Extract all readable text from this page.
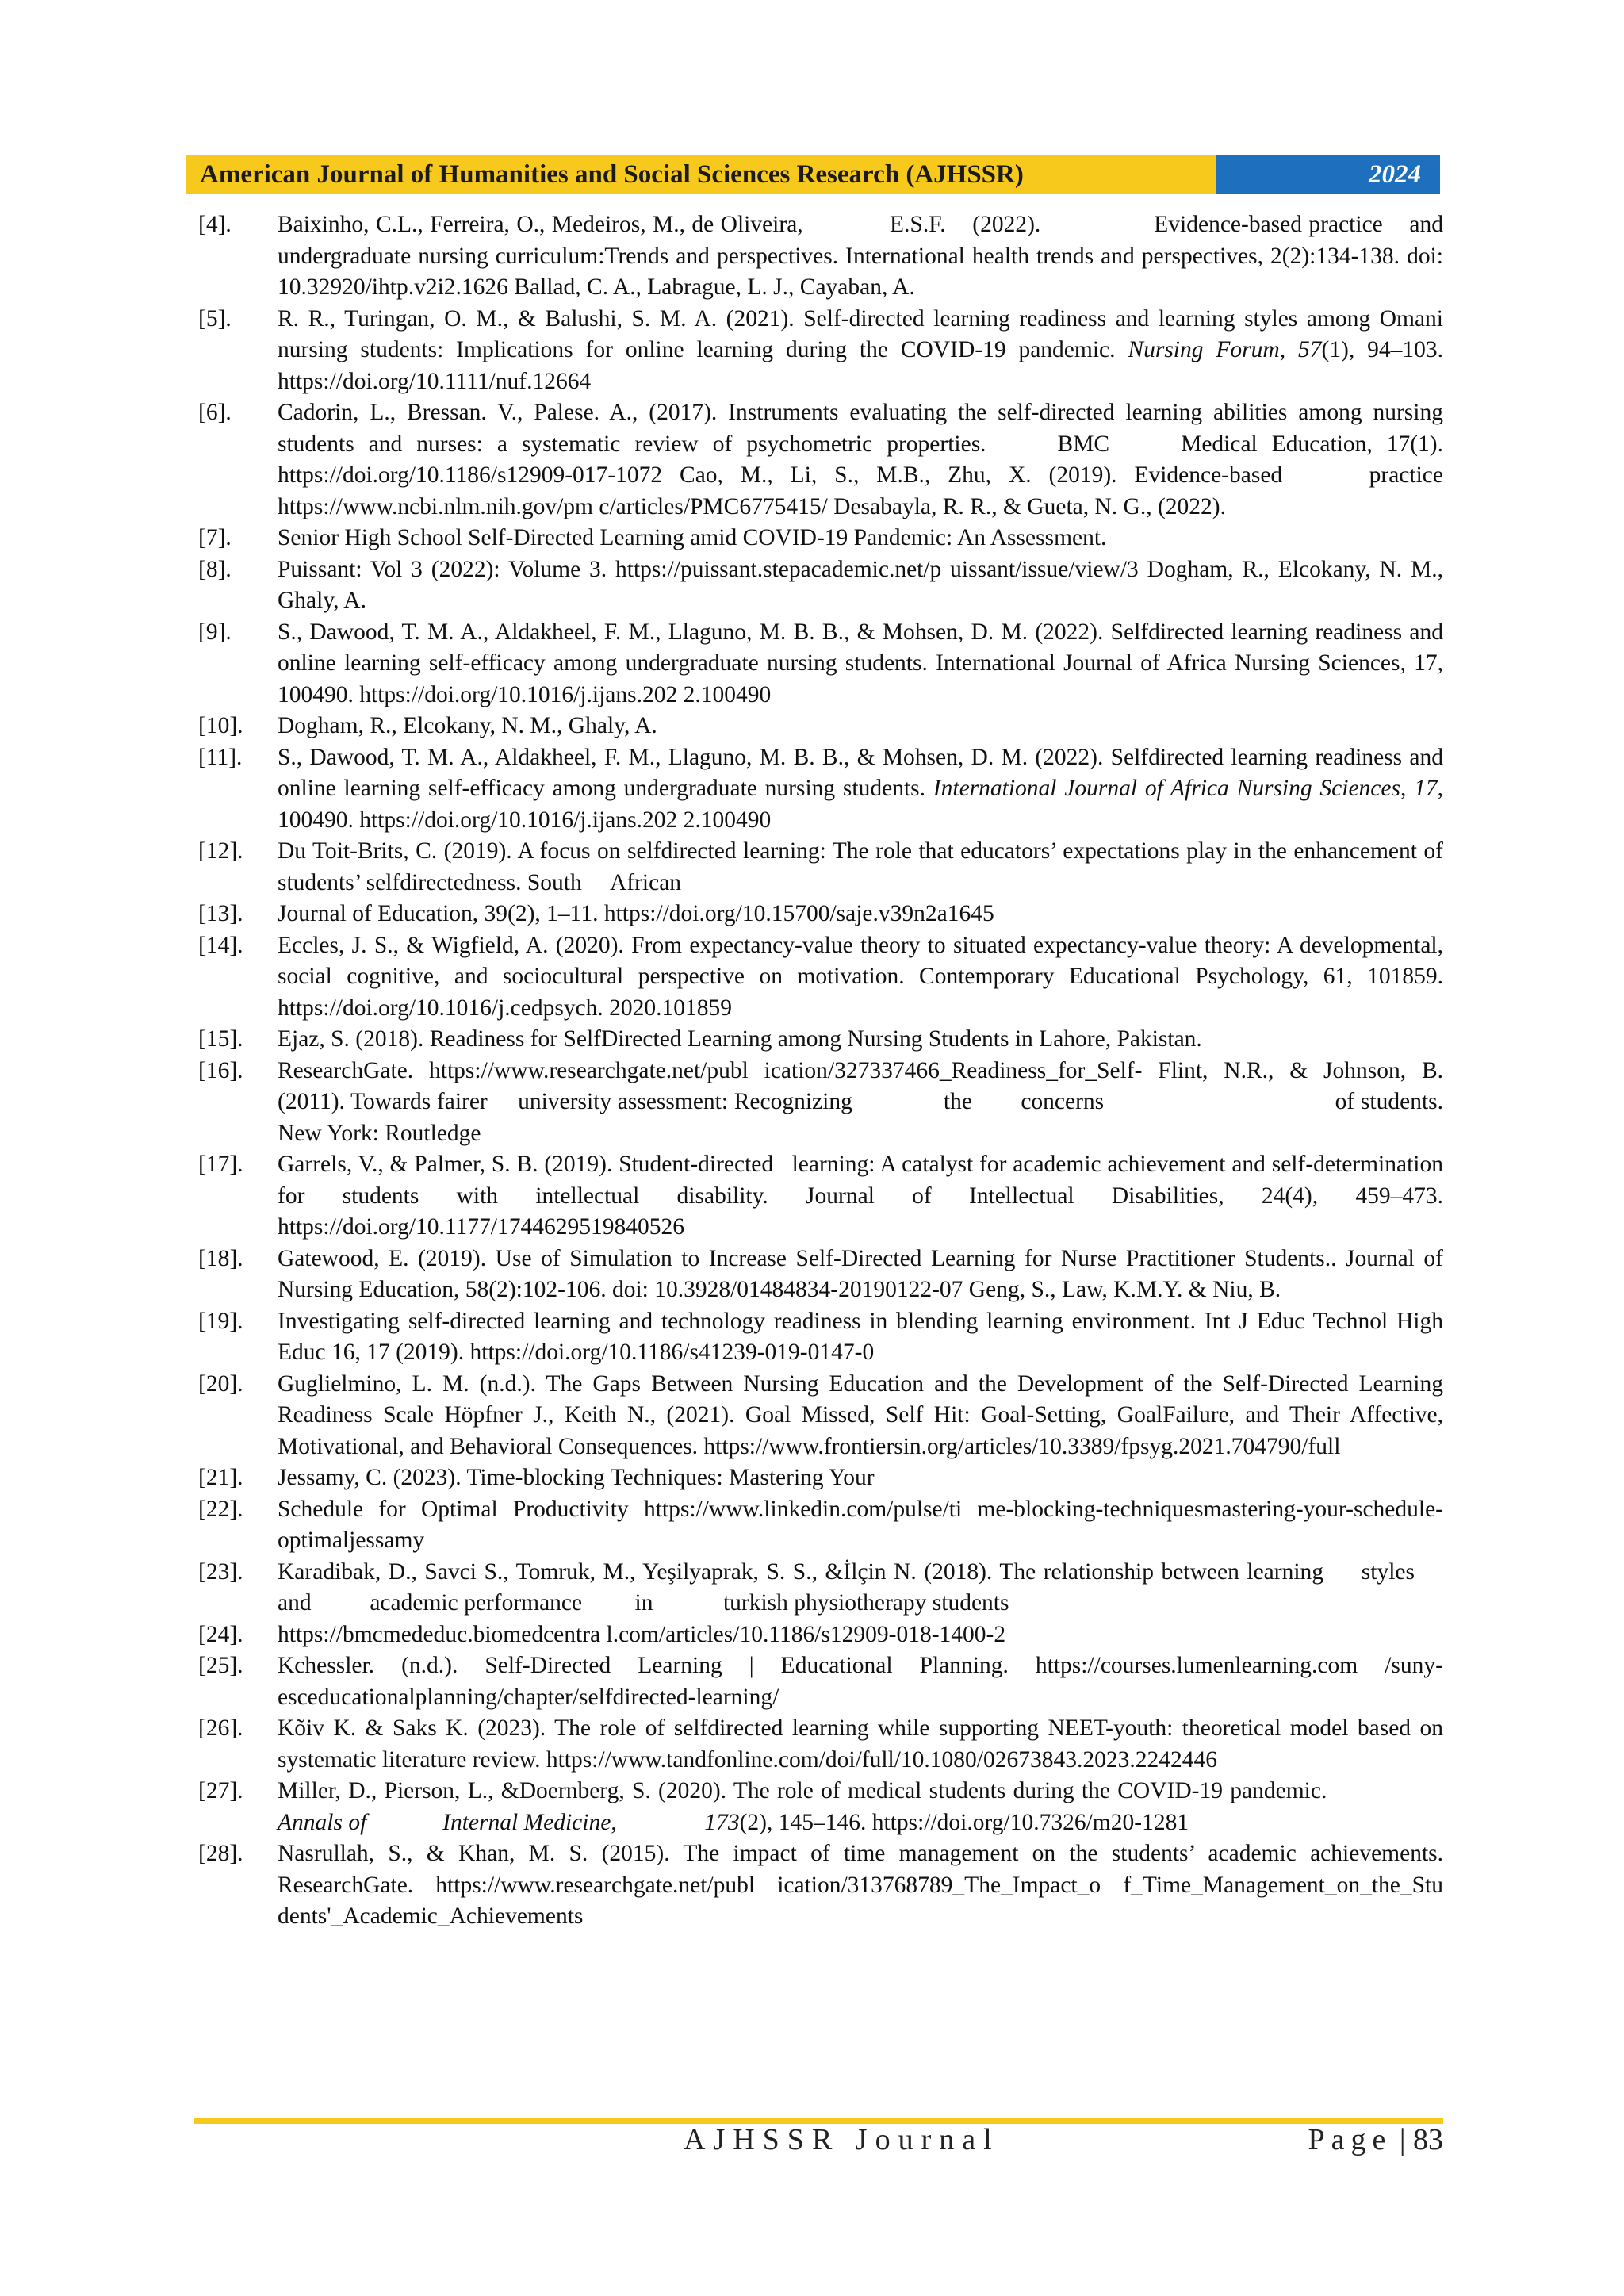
American Journal of Humanities and Social Sciences Research (AJHSSR)	2024
[4].	Baixinho, C.L., Ferreira, O., Medeiros, M., de Oliveira,             E.S.F.    (2022).                 Evidence-based practice    and undergraduate nursing curriculum:Trends and perspectives. International health trends and perspectives, 2(2):134-138. doi: 10.32920/ihtp.v2i2.1626 Ballad, C. A., Labrague, L. J., Cayaban, A.
[5].	R. R., Turingan, O. M., & Balushi, S. M. A. (2021). Self-directed learning readiness and learning styles among Omani nursing students: Implications for online learning during the COVID-19 pandemic. Nursing Forum, 57(1), 94–103. https://doi.org/10.1111/nuf.12664
[6].	Cadorin, L., Bressan. V., Palese. A., (2017). Instruments evaluating the self-directed learning abilities among nursing students and nurses: a systematic review of psychometric properties.     BMC     Medical Education, 17(1). https://doi.org/10.1186/s12909-017-1072 Cao, M., Li, S., M.B., Zhu, X. (2019). Evidence-based     practice https://www.ncbi.nlm.nih.gov/pm c/articles/PMC6775415/ Desabayla, R. R., & Gueta, N. G., (2022).
[7].	Senior High School Self-Directed Learning amid COVID-19 Pandemic: An Assessment.
[8].	Puissant: Vol 3 (2022): Volume 3. https://puissant.stepacademic.net/p uissant/issue/view/3 Dogham, R., Elcokany, N. M., Ghaly, A.
[9].	S., Dawood, T. M. A., Aldakheel, F. M., Llaguno, M. B. B., & Mohsen, D. M. (2022). Selfdirected learning readiness and online learning self-efficacy among undergraduate nursing students. International Journal of Africa Nursing Sciences, 17, 100490. https://doi.org/10.1016/j.ijans.202 2.100490
[10].	Dogham, R., Elcokany, N. M., Ghaly, A.
[11].	S., Dawood, T. M. A., Aldakheel, F. M., Llaguno, M. B. B., & Mohsen, D. M. (2022). Selfdirected learning readiness and online learning self-efficacy among undergraduate nursing students. International Journal of Africa Nursing Sciences, 17, 100490. https://doi.org/10.1016/j.ijans.202 2.100490
[12].	Du Toit-Brits, C. (2019). A focus on selfdirected learning: The role that educators’ expectations play in the enhancement of students’ selfdirectedness. South     African
[13].	Journal of Education, 39(2), 1–11. https://doi.org/10.15700/saje.v39n2a1645
[14].	Eccles, J. S., & Wigfield, A. (2020). From expectancy-value theory to situated expectancy-value theory: A developmental, social cognitive, and sociocultural perspective on motivation. Contemporary Educational Psychology, 61, 101859. https://doi.org/10.1016/j.cedpsych. 2020.101859
[15].	Ejaz, S. (2018). Readiness for SelfDirected Learning among Nursing Students in Lahore, Pakistan.
[16].	ResearchGate. https://www.researchgate.net/publ ication/327337466_Readiness_for_Self- Flint, N.R., & Johnson, B. (2011). Towards fairer     university assessment: Recognizing               the        concerns                                      of students. New York: Routledge
[17].	Garrels, V., & Palmer, S. B. (2019). Student-directed   learning: A catalyst for academic achievement and self-determination for students with intellectual disability. Journal of Intellectual Disabilities, 24(4), 459–473. https://doi.org/10.1177/1744629519840526
[18].	Gatewood, E. (2019). Use of Simulation to Increase Self-Directed Learning for Nurse Practitioner Students.. Journal of Nursing Education, 58(2):102-106. doi: 10.3928/01484834-20190122-07 Geng, S., Law, K.M.Y. & Niu, B.
[19].	Investigating self-directed learning and technology readiness in blending learning environment. Int J Educ Technol High Educ 16, 17 (2019). https://doi.org/10.1186/s41239-019-0147-0
[20].	Guglielmino, L. M. (n.d.). The Gaps Between Nursing Education and the Development of the Self-Directed Learning Readiness Scale Höpfner J., Keith N., (2021). Goal Missed, Self Hit: Goal-Setting, GoalFailure, and Their Affective, Motivational, and Behavioral Consequences. https://www.frontiersin.org/articles/10.3389/fpsyg.2021.704790/full
[21].	Jessamy, C. (2023). Time-blocking Techniques: Mastering Your
[22].	Schedule for Optimal Productivity https://www.linkedin.com/pulse/ti me-blocking-techniquesmastering-your-schedule-optimaljessamy
[23].	Karadibak, D., Savci S., Tomruk, M., Yeşilyaprak, S. S., &İlçin N. (2018). The relationship between learning     styles     and          academic performance         in            turkish physiotherapy students
[24].	https://bmcmededuc.biomedcentra l.com/articles/10.1186/s12909-018-1400-2
[25].	Kchessler. (n.d.). Self-Directed Learning | Educational Planning. https://courses.lumenlearning.com /suny-esceducationalplanning/chapter/selfdirected-learning/
[26].	Kõiv K. & Saks K. (2023). The role of selfdirected learning while supporting NEET-youth: theoretical model based on systematic literature review. https://www.tandfonline.com/doi/full/10.1080/02673843.2023.2242446
[27].	Miller, D., Pierson, L., &Doernberg, S. (2020). The role of medical students during the COVID-19 pandemic.                 Annals of             Internal Medicine,               173(2), 145–146. https://doi.org/10.7326/m20-1281
[28].	Nasrullah, S., & Khan, M. S. (2015). The impact of time management on the students’ academic achievements. ResearchGate. https://www.researchgate.net/publ ication/313768789_The_Impact_o f_Time_Management_on_the_Stu dents'_Academic_Achievements
AJHSSR Journal	Page | 83
